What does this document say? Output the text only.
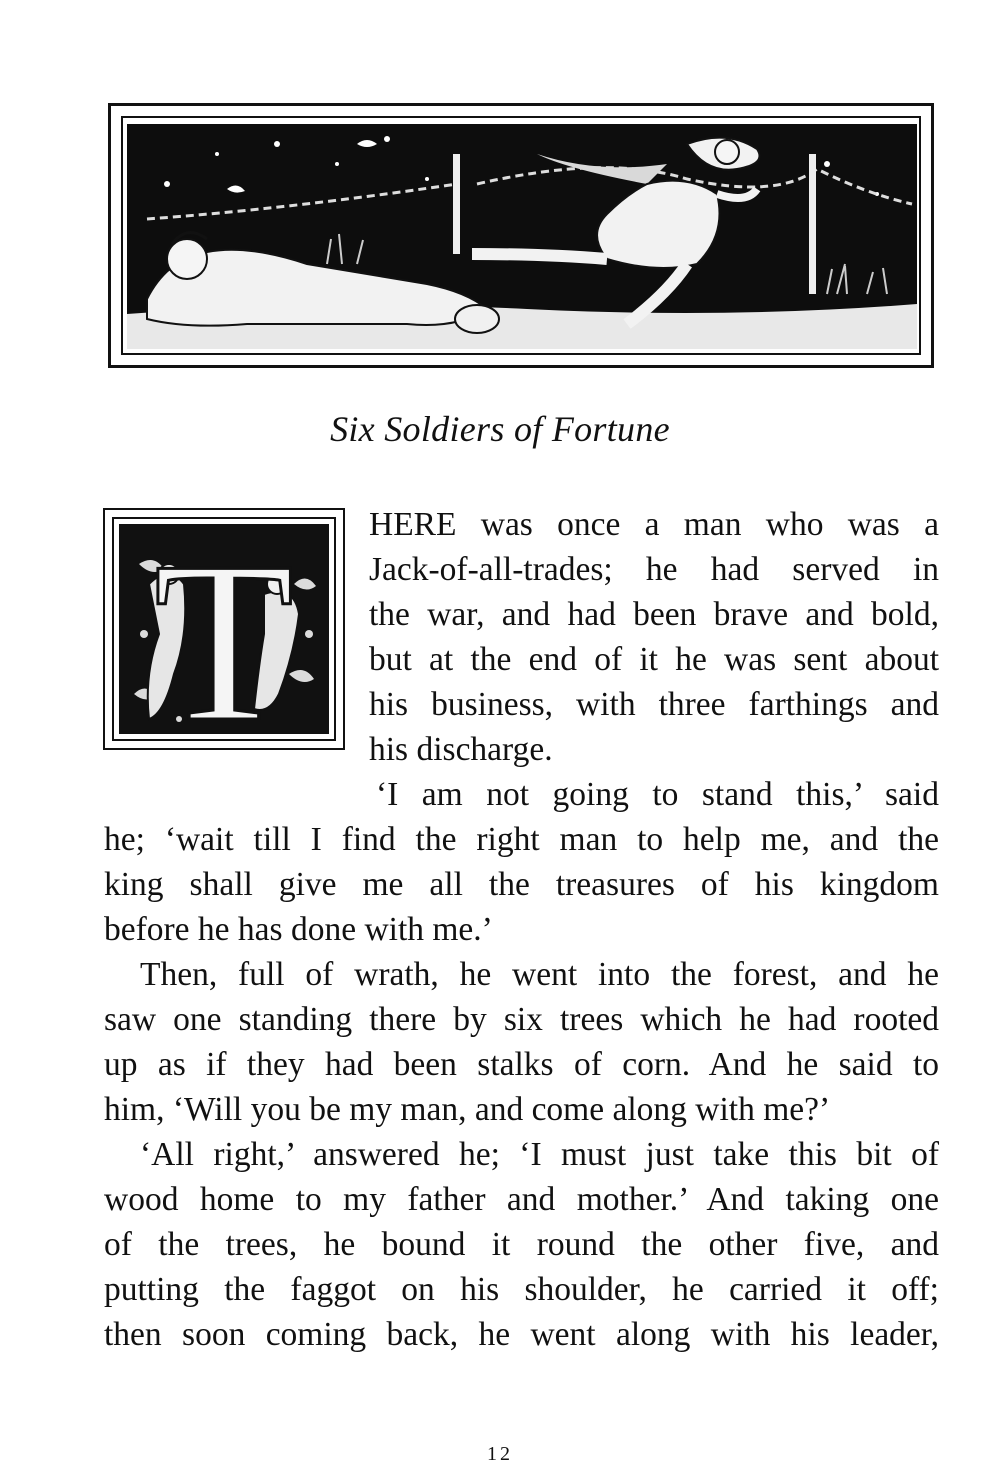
Six Soldiers of Fortune
T HERE was once a man who was a
Jack-of-all-trades; he had served in
the war, and had been brave and bold,
but at the end of it he was sent about
his business, with three farthings and
his discharge.
‘I am not going to stand this,’ said
he; ‘wait till I find the right man to help me, and the
king shall give me all the treasures of his kingdom
before he has done with me.’
Then, full of wrath, he went into the forest, and he
saw one standing there by six trees which he had rooted
up as if they had been stalks of corn. And he said to
him, ‘Will you be my man, and come along with me?’
‘All right,’ answered he; ‘I must just take this bit of
wood home to my father and mother.’ And taking one
of the trees, he bound it round the other five, and
putting the faggot on his shoulder, he carried it off;
then soon coming back, he went along with his leader,
12
